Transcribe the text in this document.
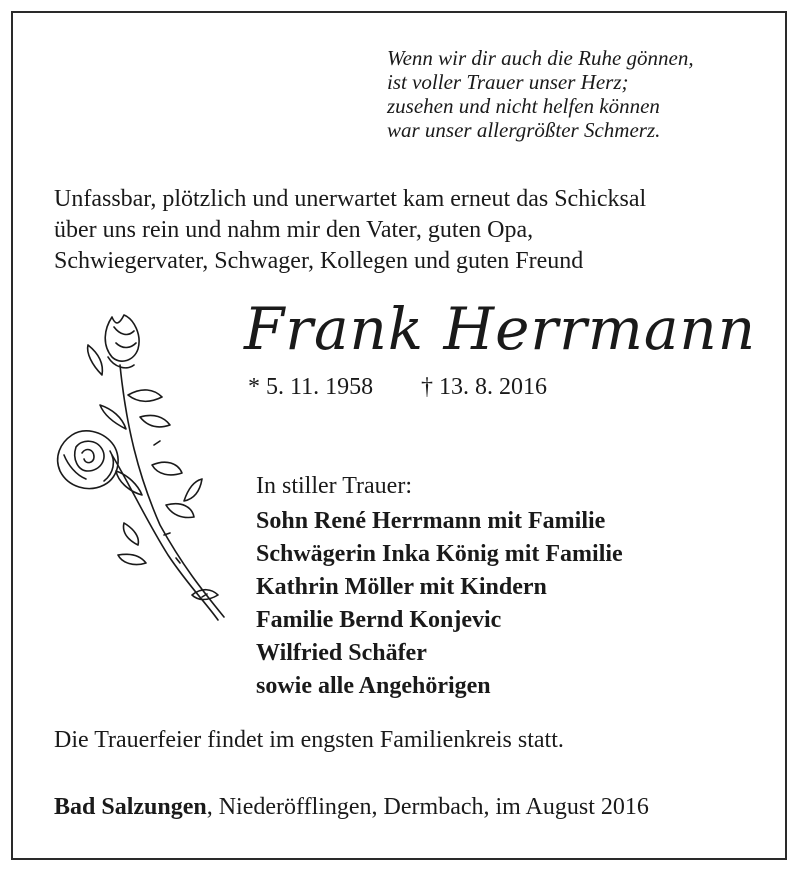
Wenn wir dir auch die Ruhe gönnen,
ist voller Trauer unser Herz;
zusehen und nicht helfen können
war unser allergrößter Schmerz.
Unfassbar, plötzlich und unerwartet kam erneut das Schicksal
über uns rein und nahm mir den Vater, guten Opa,
Schwiegervater, Schwager, Kollegen und guten Freund
Frank Herrmann
* 5. 11. 1958 † 13. 8. 2016
In stiller Trauer:
Sohn René Herrmann mit Familie
Schwägerin Inka König mit Familie
Kathrin Möller mit Kindern
Familie Bernd Konjevic
Wilfried Schäfer
sowie alle Angehörigen
Die Trauerfeier findet im engsten Familienkreis statt.
Bad Salzungen, Niederöfflingen, Dermbach, im August 2016
